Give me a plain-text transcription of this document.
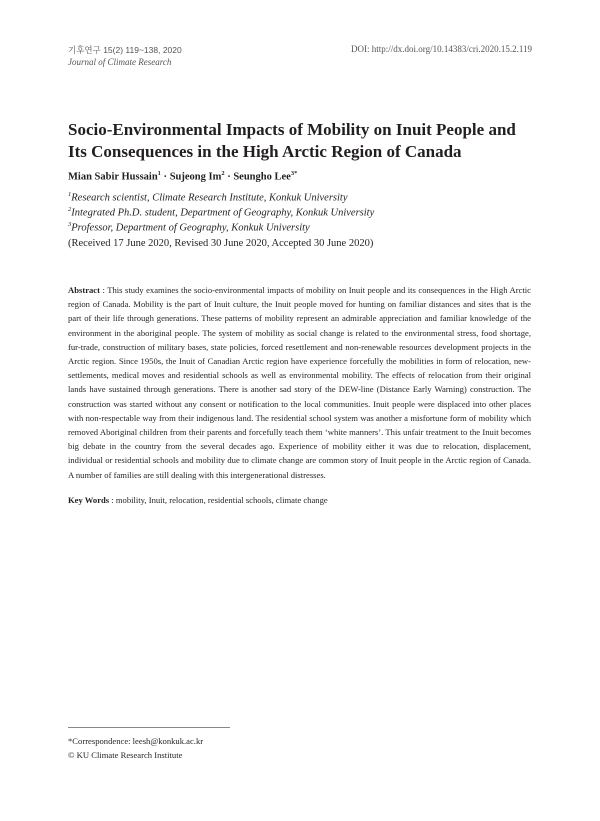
기후연구 15(2) 119~138, 2020
Journal of Climate Research
DOI: http://dx.doi.org/10.14383/cri.2020.15.2.119
Socio-Environmental Impacts of Mobility on Inuit People and Its Consequences in the High Arctic Region of Canada
Mian Sabir Hussain$^1$ · Sujeong $Im^2$ · Seungho Lee$^{3*}$
$^1$Research scientist, Climate Research Institute, Konkuk University
$^2$Integrated Ph.D. student, Department of Geography, Konkuk University
$^3$Professor, Department of Geography, Konkuk University
(Received 17 June 2020, Revised 30 June 2020, Accepted 30 June 2020)
Abstract : This study examines the socio-environmental impacts of mobility on Inuit people and its consequences in the High Arctic region of Canada. Mobility is the part of Inuit culture, the Inuit people moved for hunting on familiar distances and sites that is the part of their life through generations. These patterns of mobility represent an admirable appreciation and familiar knowledge of the environment in the aboriginal people. The system of mobility as social change is related to the environmental stress, food shortage, fur-trade, construction of military bases, state policies, forced resettlement and non-renewable resources development projects in the Arctic region. Since 1950s, the Inuit of Canadian Arctic region have experience forcefully the mobilities in form of relocation, new-settlements, medical moves and residential schools as well as environmental mobility. The effects of relocation from their original lands have sustained through generations. There is another sad story of the DEW-line (Distance Early Warning) construction. The construction was started without any consent or notification to the local communities. Inuit people were displaced into other places with non-respectable way from their indigenous land. The residential school system was another a misfortune form of mobility which removed Aboriginal children from their parents and forcefully teach them ‘white manners’. This unfair treatment to the Inuit becomes big debate in the country from the several decades ago. Experience of mobility either it was due to relocation, displacement, individual or residential schools and mobility due to climate change are common story of Inuit people in the Arctic region of Canada. A number of families are still dealing with this intergenerational distresses.
Key Words : mobility, Inuit, relocation, residential schools, climate change
*Correspondence: leesh@konkuk.ac.kr
© KU Climate Research Institute
